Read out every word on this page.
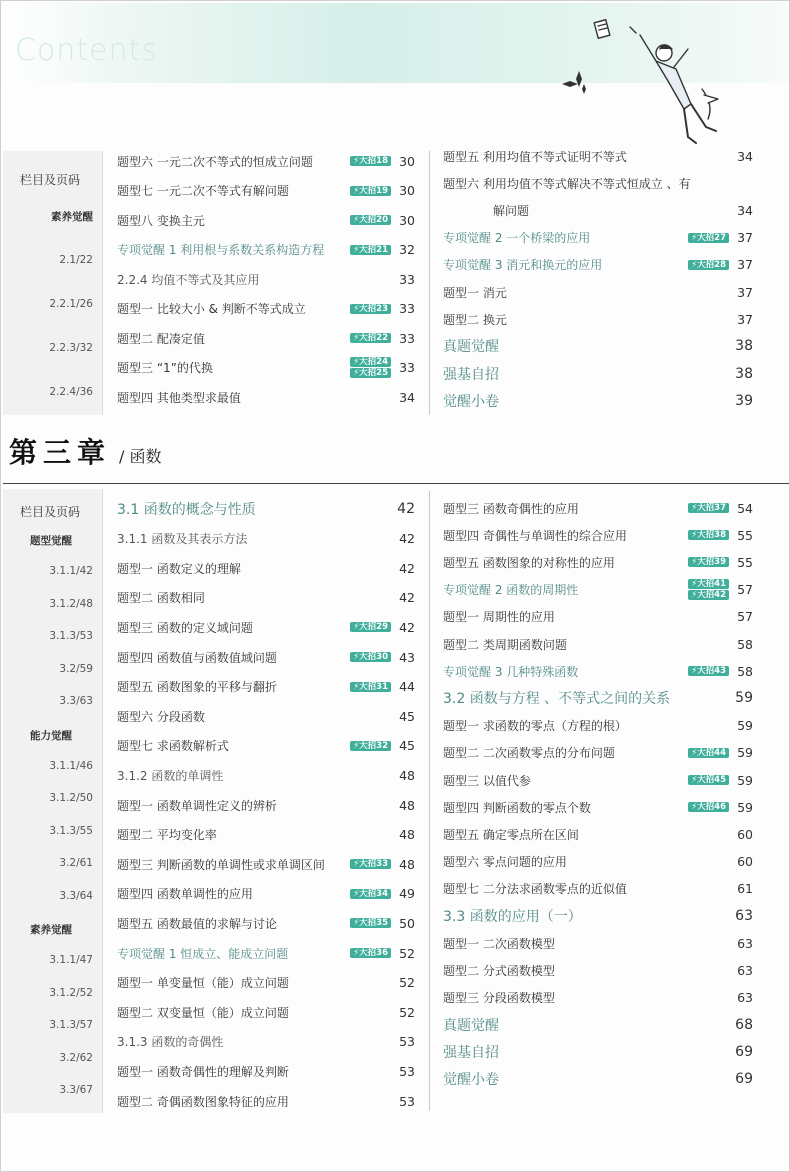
Contents
栏目及页码
素养觉醒
2.1/22
2.2.1/26
2.2.3/32
2.2.4/36
题型六 一元二次不等式的恒成立问题	⚡大招18 30
题型七 一元二次不等式有解问题	⚡大招19 30
题型八 变换主元	⚡大招20 30
专项觉醒 1 利用根与系数关系构造方程	⚡大招21 32
2.2.4 均值不等式及其应用	33
题型一 比较大小 & 判断不等式成立	⚡大招23 33
题型二 配凑定值	⚡大招22 33
题型三 “1”的代换	⚡大招24
⚡大招25 33
题型四 其他类型求最值	34
题型五 利用均值不等式证明不等式	34
题型六 利用均值不等式解决不等式恒成立 、有
解问题	34
专项觉醒 2 一个桥梁的应用	⚡大招27 37
专项觉醒 3 消元和换元的应用	⚡大招28 37
题型一 消元	37
题型二 换元	37
真题觉醒	38
强基自招	38
觉醒小卷	39
第三章 / 函数
栏目及页码
题型觉醒
3.1.1/42
3.1.2/48
3.1.3/53
3.2/59
3.3/63
能力觉醒
3.1.1/46
3.1.2/50
3.1.3/55
3.2/61
3.3/64
素养觉醒
3.1.1/47
3.1.2/52
3.1.3/57
3.2/62
3.3/67
3.1 函数的概念与性质	42
3.1.1 函数及其表示方法	42
题型一 函数定义的理解	42
题型二 函数相同	42
题型三 函数的定义域问题	⚡大招29 42
题型四 函数值与函数值域问题	⚡大招30 43
题型五 函数图象的平移与翻折	⚡大招31 44
题型六 分段函数	45
题型七 求函数解析式	⚡大招32 45
3.1.2 函数的单调性	48
题型一 函数单调性定义的辨析	48
题型二 平均变化率	48
题型三 判断函数的单调性或求单调区间	⚡大招33 48
题型四 函数单调性的应用	⚡大招34 49
题型五 函数最值的求解与讨论	⚡大招35 50
专项觉醒 1 恒成立、能成立问题	⚡大招36 52
题型一 单变量恒（能）成立问题	52
题型二 双变量恒（能）成立问题	52
3.1.3 函数的奇偶性	53
题型一 函数奇偶性的理解及判断	53
题型二 奇偶函数图象特征的应用	53
题型三 函数奇偶性的应用	⚡大招37 54
题型四 奇偶性与单调性的综合应用	⚡大招38 55
题型五 函数图象的对称性的应用	⚡大招39 55
专项觉醒 2 函数的周期性	⚡大招41
⚡大招42 57
题型一 周期性的应用	57
题型二 类周期函数问题	58
专项觉醒 3 几种特殊函数	⚡大招43 58
3.2 函数与方程 、不等式之间的关系	59
题型一 求函数的零点（方程的根）	59
题型二 二次函数零点的分布问题	⚡大招44 59
题型三 以值代参	⚡大招45 59
题型四 判断函数的零点个数	⚡大招46 59
题型五 确定零点所在区间	60
题型六 零点问题的应用	60
题型七 二分法求函数零点的近似值	61
3.3 函数的应用（一）	63
题型一 二次函数模型	63
题型二 分式函数模型	63
题型三 分段函数模型	63
真题觉醒	68
强基自招	69
觉醒小卷	69
